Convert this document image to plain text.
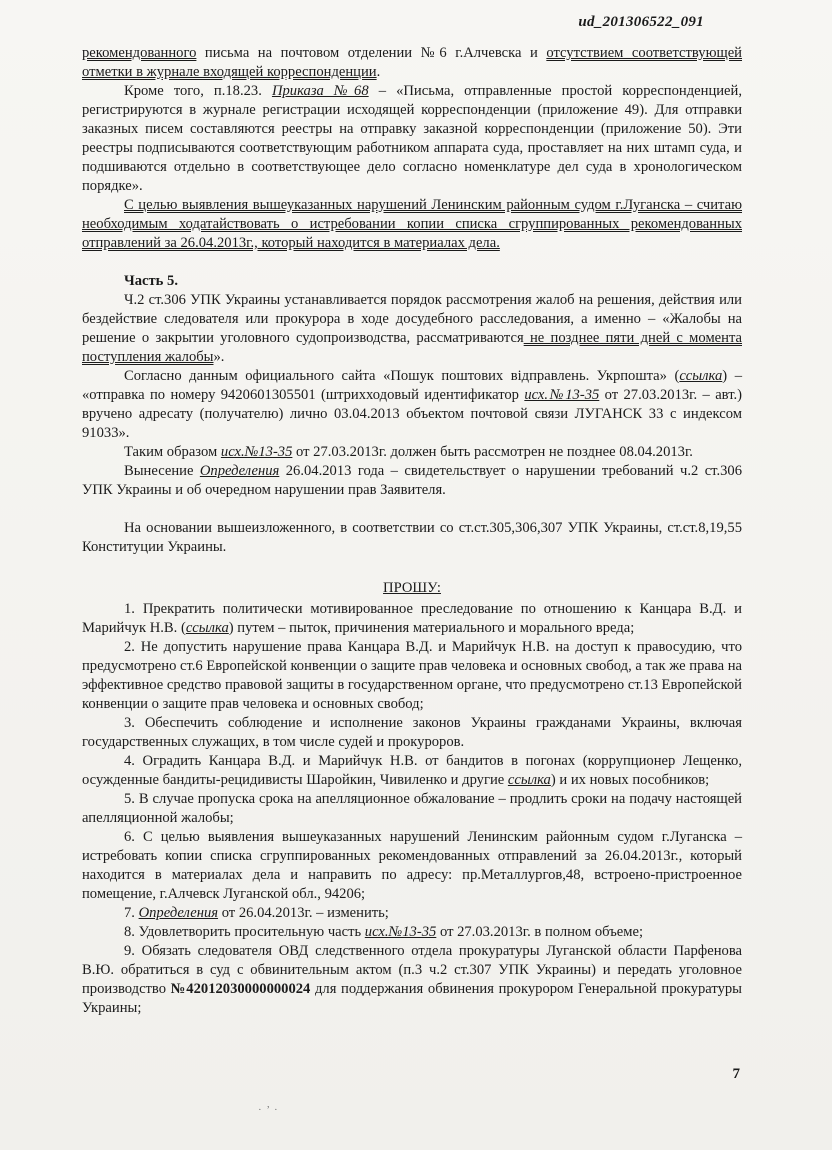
ud_201306522_091

рекомендованного письма на почтовом отделении №6 г.Алчевска и отсутствием соответствующей отметки в журнале входящей корреспонденции.

Кроме того, п.18.23. Приказа №68 – «Письма, отправленные простой корреспонденцией, регистрируются в журнале регистрации исходящей корреспонденции (приложение 49). Для отправки заказных писем составляются реестры на отправку заказной корреспонденции (приложение 50). Эти реестры подписываются соответствующим работником аппарата суда, проставляет на них штамп суда, и подшиваются отдельно в соответствующее дело согласно номенклатуре дел суда в хронологическом порядке».

С целью выявления вышеуказанных нарушений Ленинским районным судом г.Луганска – считаю необходимым ходатайствовать о истребовании копии списка сгруппированных рекомендованных отправлений за 26.04.2013г., который находится в материалах дела.

Часть 5.

Ч.2 ст.306 УПК Украины устанавливается порядок рассмотрения жалоб на решения, действия или бездействие следователя или прокурора в ходе досудебного расследования, а именно – «Жалобы на решение о закрытии уголовного судопроизводства, рассматриваются не позднее пяти дней с момента поступления жалобы».

Согласно данным официального сайта «Пошук поштових відправлень. Укрпошта» (ссылка) – «отправка по номеру 9420601305501 (штрихходовый идентификатор исх.№13-35 от 27.03.2013г. – авт.) вручено адресату (получателю) лично 03.04.2013 объектом почтовой связи ЛУГАНСК 33 с индексом 91033».

Таким образом исх.№13-35 от 27.03.2013г. должен быть рассмотрен не позднее 08.04.2013г.

Вынесение Определения 26.04.2013 года – свидетельствует о нарушении требований ч.2 ст.306 УПК Украины и об очередном нарушении прав Заявителя.

На основании вышеизложенного, в соответствии со ст.ст.305,306,307 УПК Украины, ст.ст.8,19,55 Конституции Украины.

ПРОШУ:

1. Прекратить политически мотивированное преследование по отношению к Канцара В.Д. и Марийчук Н.В. (ссылка) путем – пыток, причинения материального и морального вреда;

2. Не допустить нарушение права Канцара В.Д. и Марийчук Н.В. на доступ к правосудию, что предусмотрено ст.6 Европейской конвенции о защите прав человека и основных свобод, а так же права на эффективное средство правовой защиты в государственном органе, что предусмотрено ст.13 Европейской конвенции о защите прав человека и основных свобод;

3. Обеспечить соблюдение и исполнение законов Украины гражданами Украины, включая государственных служащих, в том числе судей и прокуроров.

4. Оградить Канцара В.Д. и Марийчук Н.В. от бандитов в погонах (коррупционер Лещенко, осужденные бандиты-рецидивисты Шаройкин, Чивиленко и другие ссылка) и их новых пособников;

5. В случае пропуска срока на апелляционное обжалование – продлить сроки на подачу настоящей апелляционной жалобы;

6. С целью выявления вышеуказанных нарушений Ленинским районным судом г.Луганска – истребовать копии списка сгруппированных рекомендованных отправлений за 26.04.2013г., который находится в материалах дела и направить по адресу: пр.Металлургов,48, встроено-пристроенное помещение, г.Алчевск Луганской обл., 94206;

7. Определения от 26.04.2013г. – изменить;

8. Удовлетворить просительную часть исх.№13-35 от 27.03.2013г. в полном объеме;

9. Обязать следователя ОВД следственного отдела прокуратуры Луганской области Парфенова В.Ю. обратиться в суд с обвинительным актом (п.3 ч.2 ст.307 УПК Украины) и передать уголовное производство №42012030000000024 для поддержания обвинения прокурором Генеральной прокуратуры Украины;

7
· ’ ·
